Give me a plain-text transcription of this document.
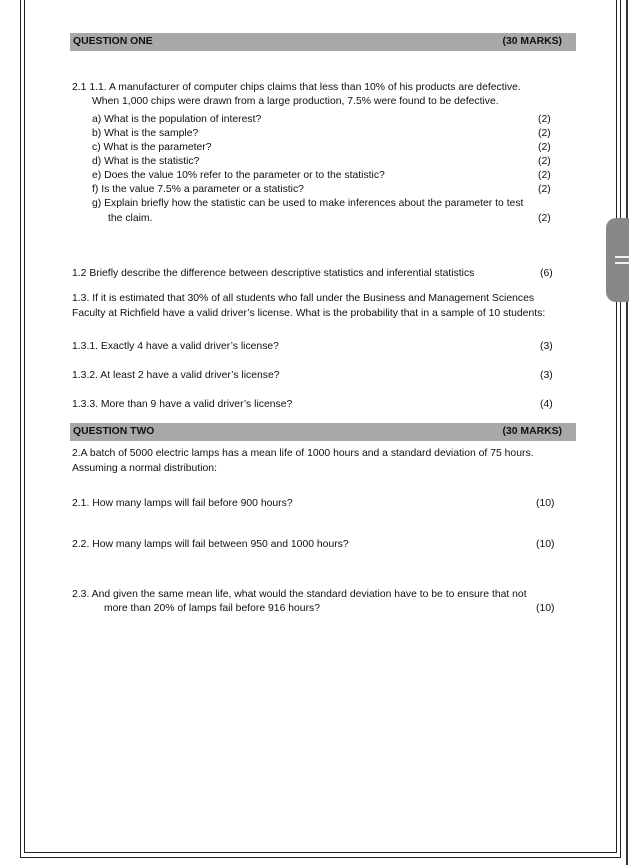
QUESTION ONE	(30 MARKS)
2.1 1.1. A manufacturer of computer chips claims that less than 10% of his products are defective.
When 1,000 chips were drawn from a large production, 7.5% were found to be defective.
a) What is the population of interest?	(2)
b) What is the sample?	(2)
c) What is the parameter?	(2)
d) What is the statistic?	(2)
e) Does the value 10% refer to the parameter or to the statistic?	(2)
f) Is the value 7.5% a parameter or a statistic?	(2)
g) Explain briefly how the statistic can be used to make inferences about the parameter to test
the claim.	(2)
1.2 Briefly describe the difference between descriptive statistics and inferential statistics	(6)
1.3. If it is estimated that 30% of all students who fall under the Business and Management Sciences
Faculty at Richfield have a valid driver’s license. What is the probability that in a sample of 10 students:
1.3.1. Exactly 4 have a valid driver’s license?	(3)
1.3.2. At least 2 have a valid driver’s license?	(3)
1.3.3. More than 9 have a valid driver’s license?	(4)
QUESTION TWO	(30 MARKS)
2.A batch of 5000 electric lamps has a mean life of 1000 hours and a standard deviation of 75 hours.
Assuming a normal distribution:
2.1. How many lamps will fail before 900 hours?	(10)
2.2. How many lamps will fail between 950 and 1000 hours?	(10)
2.3. And given the same mean life, what would the standard deviation have to be to ensure that not
more than 20% of lamps fail before 916 hours?	(10)
